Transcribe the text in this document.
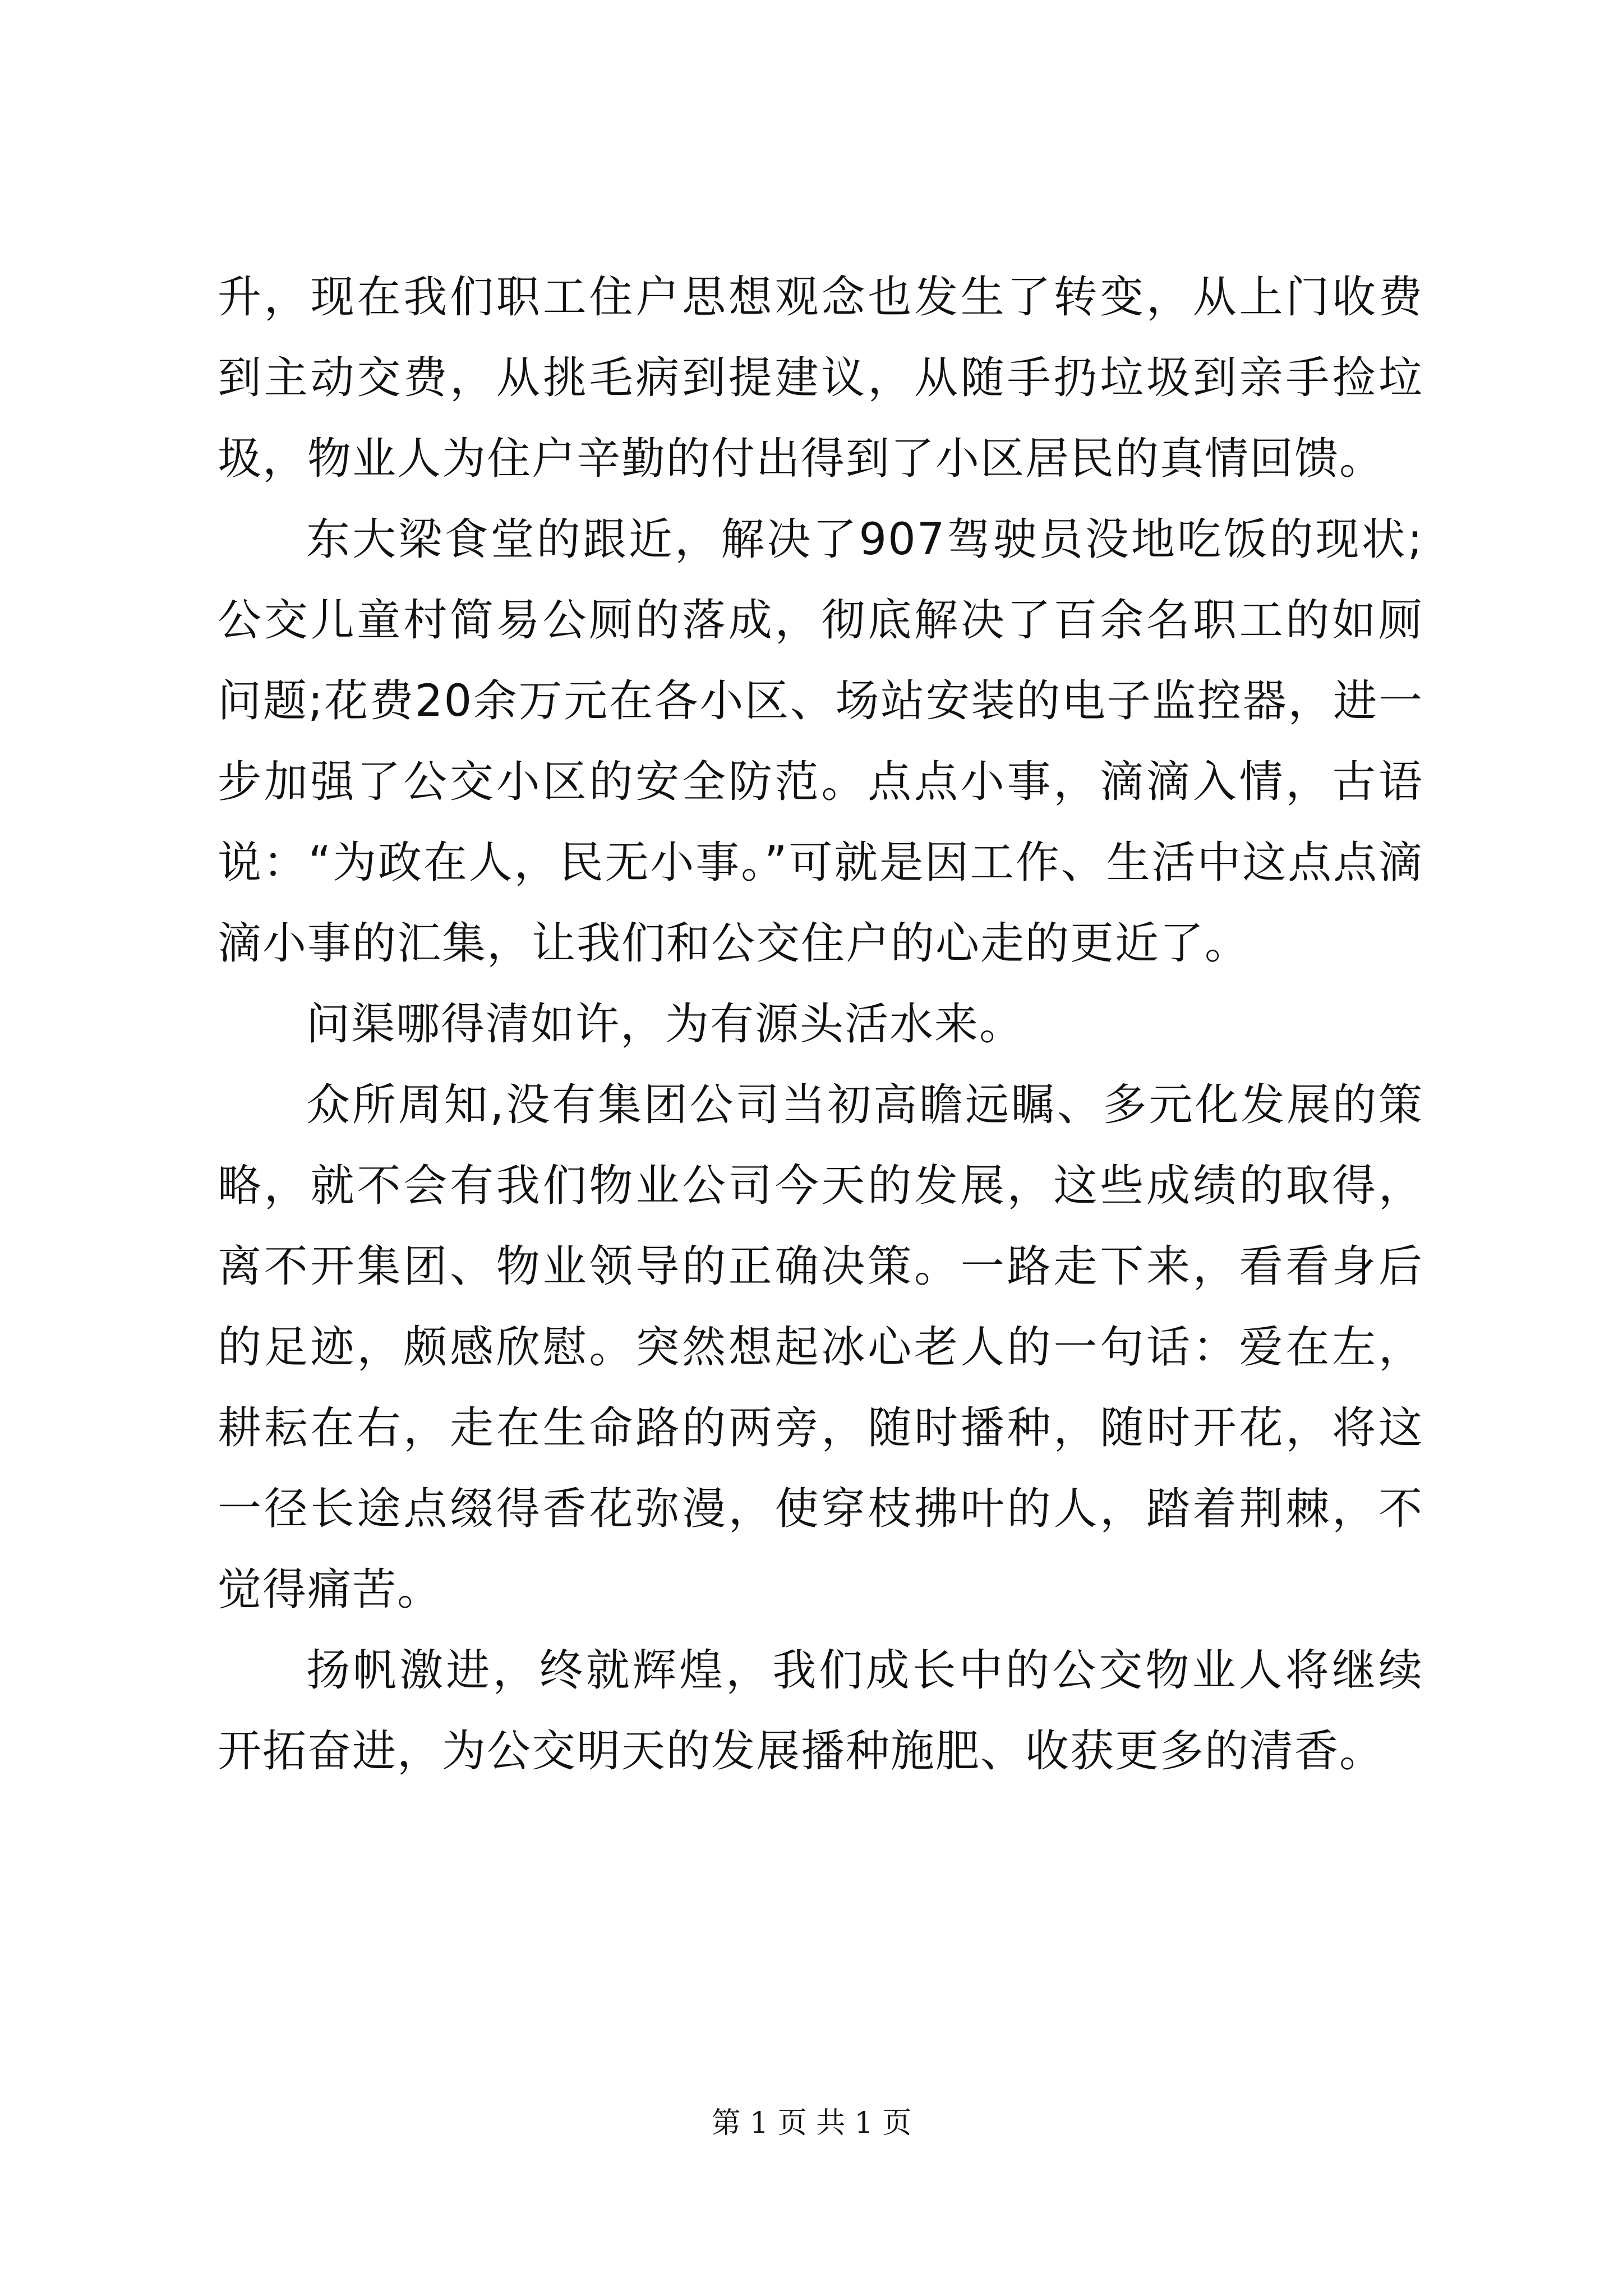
升，现在我们职工住户思想观念也发生了转变，从上门收费到主动交费，从挑毛病到提建议，从随手扔垃圾到亲手捡垃圾，物业人为住户辛勤的付出得到了小区居民的真情回馈。

东大梁食堂的跟近，解决了907驾驶员没地吃饭的现状;公交儿童村简易公厕的落成，彻底解决了百余名职工的如厕问题;花费20余万元在各小区、场站安装的电子监控器，进一步加强了公交小区的安全防范。点点小事，滴滴入情，古语说：“为政在人，民无小事。”可就是因工作、生活中这点点滴滴小事的汇集，让我们和公交住户的心走的更近了。

问渠哪得清如许，为有源头活水来。

众所周知,没有集团公司当初高瞻远瞩、多元化发展的策略，就不会有我们物业公司今天的发展，这些成绩的取得，离不开集团、物业领导的正确决策。一路走下来，看看身后的足迹，颇感欣慰。突然想起冰心老人的一句话：爱在左，耕耘在右，走在生命路的两旁，随时播种，随时开花，将这一径长途点缀得香花弥漫，使穿枝拂叶的人，踏着荆棘，不觉得痛苦。

扬帆激进，终就辉煌，我们成长中的公交物业人将继续开拓奋进，为公交明天的发展播种施肥、收获更多的清香。

第 1 页 共 1 页
